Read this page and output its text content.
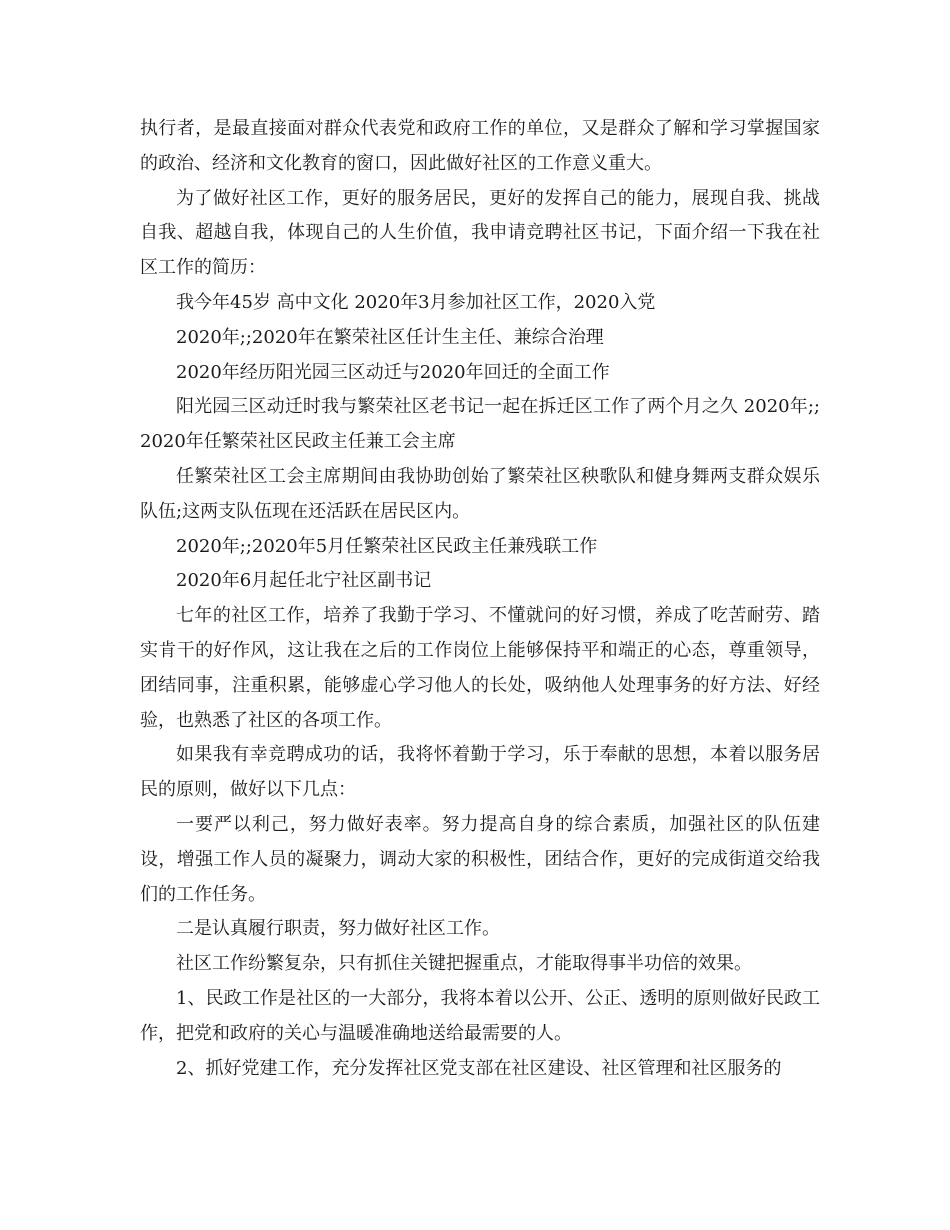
执行者，是最直接面对群众代表党和政府工作的单位，又是群众了解和学习掌握国家的政治、经济和文化教育的窗口，因此做好社区的工作意义重大。

为了做好社区工作，更好的服务居民，更好的发挥自己的能力，展现自我、挑战自我、超越自我，体现自己的人生价值，我申请竞聘社区书记，下面介绍一下我在社区工作的简历：

我今年45岁 高中文化 2020年3月参加社区工作，2020入党

2020年;;2020年在繁荣社区任计生主任、兼综合治理

2020年经历阳光园三区动迁与2020年回迁的全面工作

阳光园三区动迁时我与繁荣社区老书记一起在拆迁区工作了两个月之久 2020年;;2020年任繁荣社区民政主任兼工会主席

任繁荣社区工会主席期间由我协助创始了繁荣社区秧歌队和健身舞两支群众娱乐队伍;这两支队伍现在还活跃在居民区内。

2020年;;2020年5月任繁荣社区民政主任兼残联工作

2020年6月起任北宁社区副书记

七年的社区工作，培养了我勤于学习、不懂就问的好习惯，养成了吃苦耐劳、踏实肯干的好作风，这让我在之后的工作岗位上能够保持平和端正的心态，尊重领导，团结同事，注重积累，能够虚心学习他人的长处，吸纳他人处理事务的好方法、好经验，也熟悉了社区的各项工作。

如果我有幸竞聘成功的话，我将怀着勤于学习，乐于奉献的思想，本着以服务居民的原则，做好以下几点：

一要严以利己，努力做好表率。努力提高自身的综合素质，加强社区的队伍建设，增强工作人员的凝聚力，调动大家的积极性，团结合作，更好的完成街道交给我们的工作任务。

二是认真履行职责，努力做好社区工作。

社区工作纷繁复杂，只有抓住关键把握重点，才能取得事半功倍的效果。

1、民政工作是社区的一大部分，我将本着以公开、公正、透明的原则做好民政工作，把党和政府的关心与温暖准确地送给最需要的人。

2、抓好党建工作，充分发挥社区党支部在社区建设、社区管理和社区服务的
